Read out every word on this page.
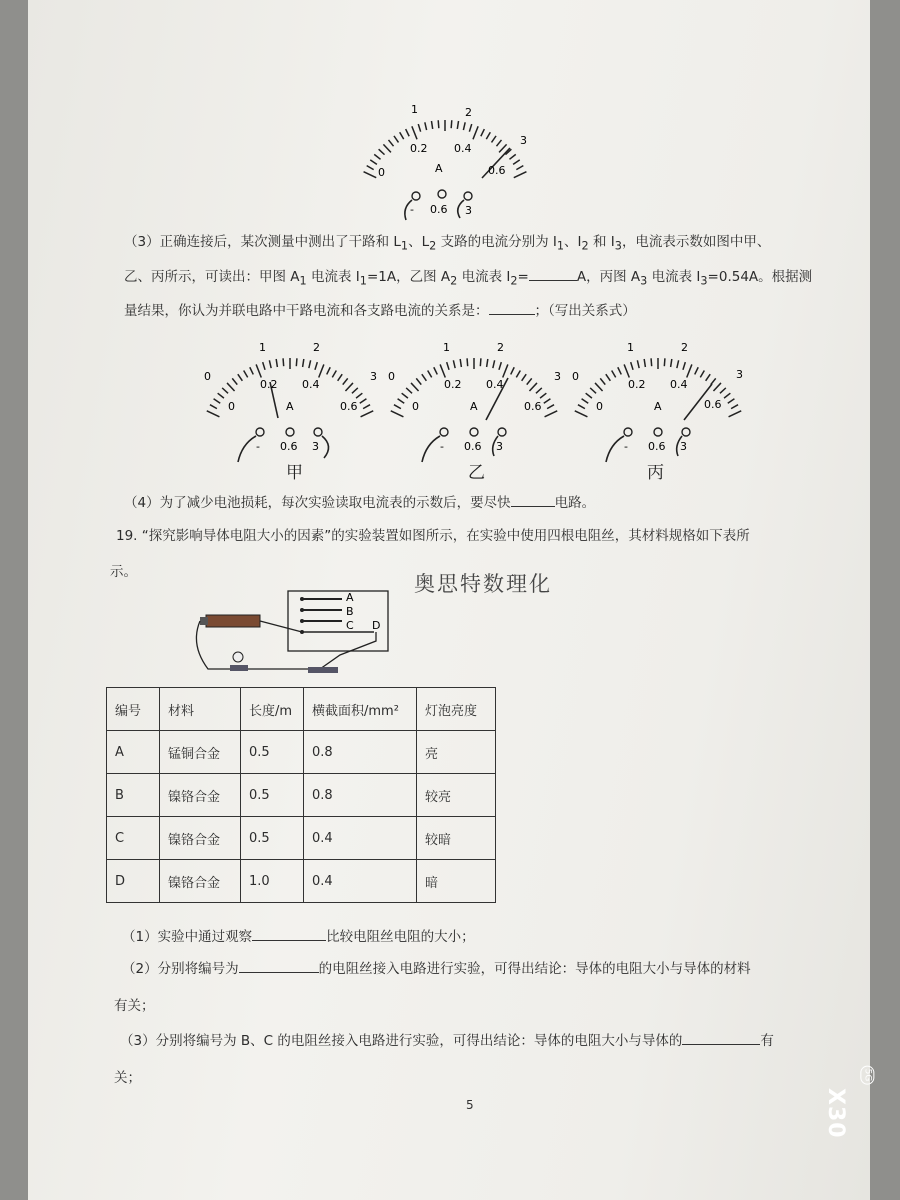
1	2
0
3
0.2 0.4
A	0.6
- 0.6 3
（3）正确连接后，某次测量中测出了干路和 $L_1$、$L_2$ 支路的电流分别为 $I_1$、$I_2$ 和 $I_3$，电流表示数如图中甲、
乙、丙所示，可读出：甲图 $A_1$ 电流表 $I_1=1A$，乙图 $A_2$ 电流表 $I_2=$	A，丙图 $A_3$ 电流表 $I_3=0.54A$。根据测
量结果，你认为并联电路中干路电流和各支路电流的关系是：	；（写出关系式）
1	2
0	3
0.2 0.4
0	0.6
A
- 0.6 3
甲
1	2
0	3
0.2 0.4
0	0.6
A
- 0.6 3
乙
1	2
0	3
0.2 0.4
0	0.6
A
- 0.6 3
丙
（4）为了减少电池损耗，每次实验读取电流表的示数后，要尽快	电路。
19. “探究影响导体电阻大小的因素”的实验装置如图所示，在实验中使用四根电阻丝，其材料规格如下表所
示。	奥思特数理化
A
B
C D
编号	材料	长度/m	横截面积/mm²	灯泡亮度
A	锰铜合金	0.5	0.8	亮
B	镍铬合金	0.5	0.8	较亮
C	镍铬合金	0.5	0.4	较暗
D	镍铬合金	1.0	0.4	暗
（1）实验中通过观察	比较电阻丝电阻的大小；
（2）分别将编号为	的电阻丝接入电路进行实验，可得出结论：导体的电阻大小与导体的材料
有关；
（3）分别将编号为 B、C 的电阻丝接入电路进行实验，可得出结论：导体的电阻大小与导体的	有
关；
5
5G
X30
